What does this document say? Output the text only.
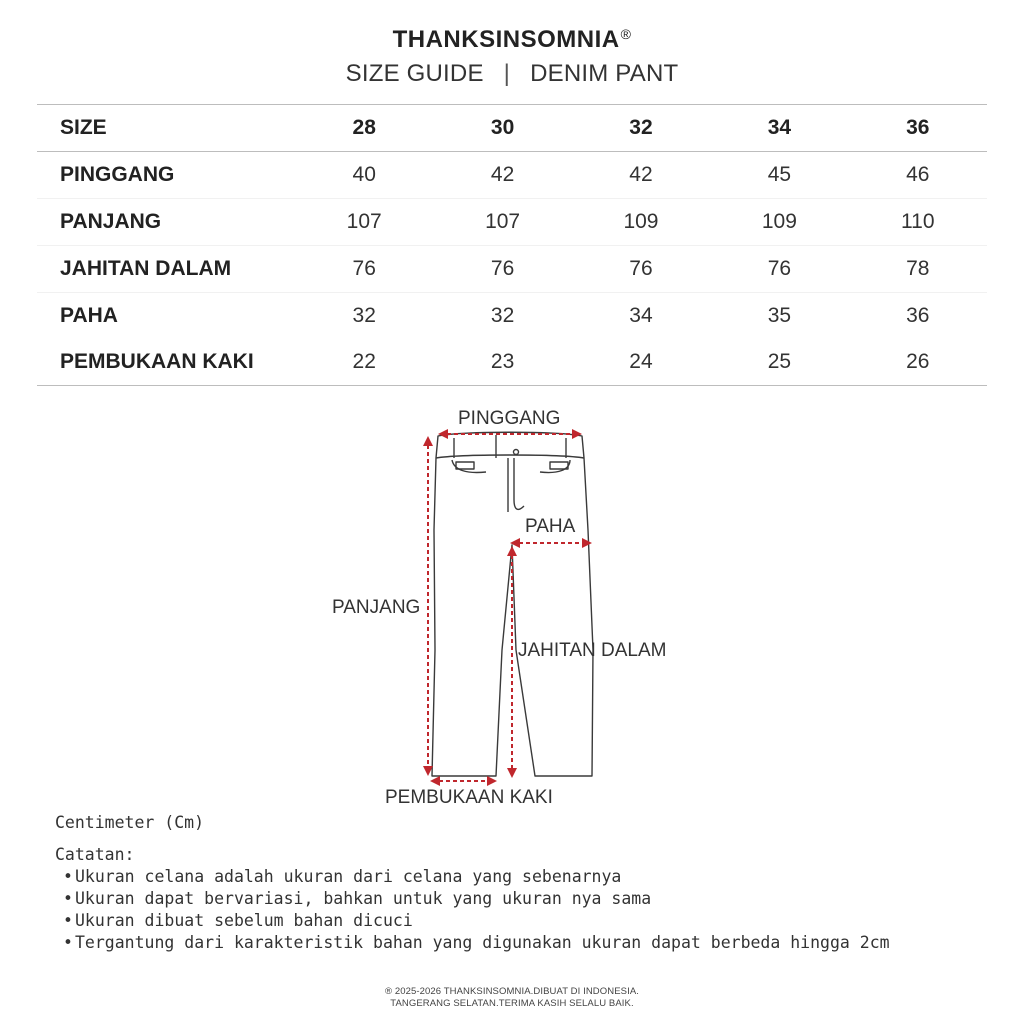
THANKSINSOMNIA®
SIZE GUIDE | DENIM PANT
SIZE	28	30	32	34	36
PINGGANG	40	42	42	45	46
PANJANG	107	107	109	109	110
JAHITAN DALAM	76	76	76	76	78
PAHA	32	32	34	35	36
PEMBUKAAN KAKI	22	23	24	25	26
PINGGANG
PAHA
PANJANG
JAHITAN DALAM
PEMBUKAAN KAKI
Centimeter (Cm)
Catatan:
• Ukuran celana adalah ukuran dari celana yang sebenarnya
• Ukuran dapat bervariasi, bahkan untuk yang ukuran nya sama
• Ukuran dibuat sebelum bahan dicuci
• Tergantung dari karakteristik bahan yang digunakan ukuran dapat berbeda hingga 2cm
® 2025-2026 THANKSINSOMNIA.DIBUAT DI INDONESIA.
TANGERANG SELATAN.TERIMA KASIH SELALU BAIK.
